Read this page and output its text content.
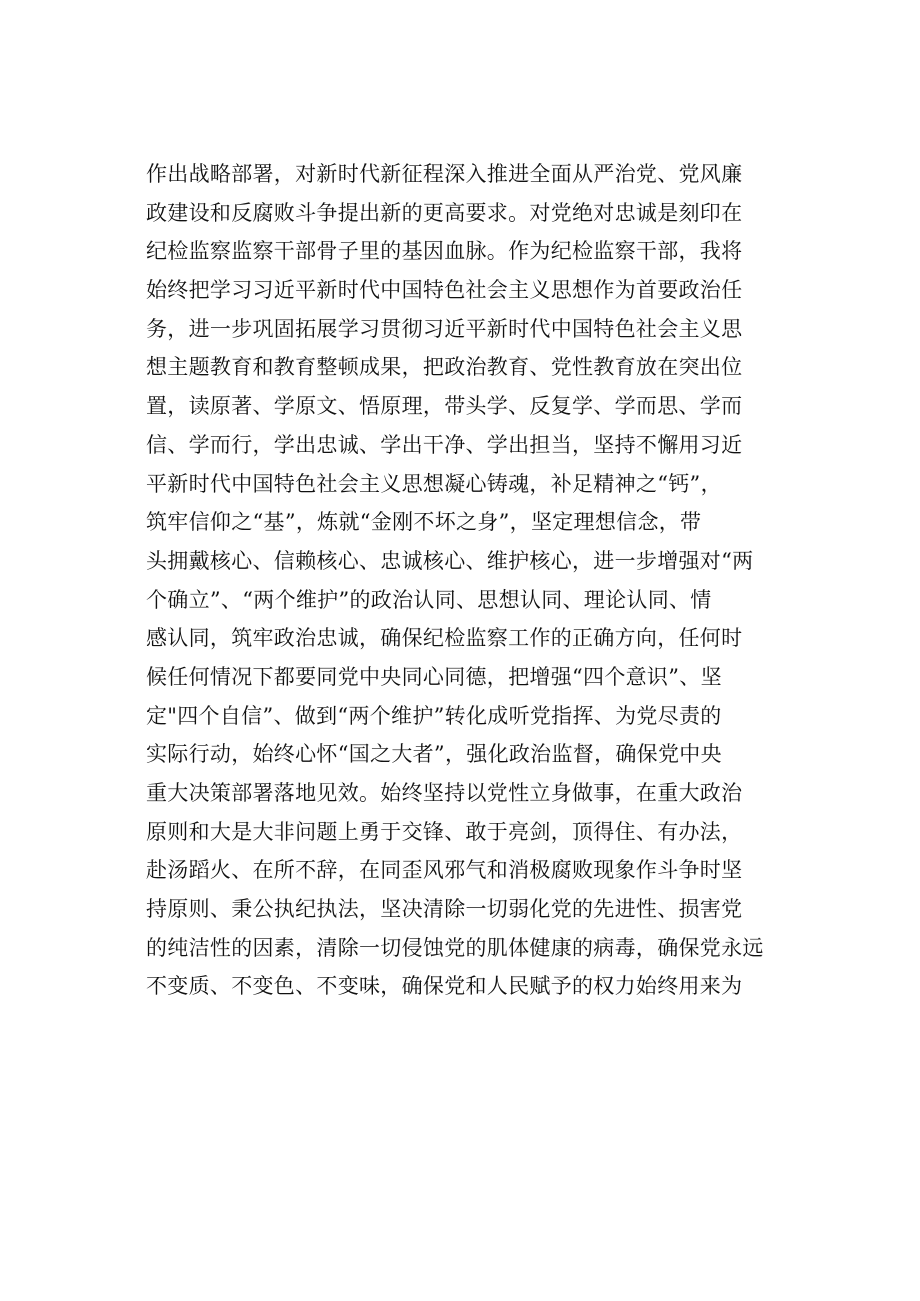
作出战略部署，对新时代新征程深入推进全面从严治党、党风廉
政建设和反腐败斗争提出新的更高要求。对党绝对忠诚是刻印在
纪检监察监察干部骨子里的基因血脉。作为纪检监察干部，我将
始终把学习习近平新时代中国特色社会主义思想作为首要政治任
务，进一步巩固拓展学习贯彻习近平新时代中国特色社会主义思
想主题教育和教育整顿成果，把政治教育、党性教育放在突出位
置，读原著、学原文、悟原理，带头学、反复学、学而思、学而
信、学而行，学出忠诚、学出干净、学出担当，坚持不懈用习近
平新时代中国特色社会主义思想凝心铸魂，补足精神之“钙”，
筑牢信仰之“基”，炼就“金刚不坏之身”，坚定理想信念，带
头拥戴核心、信赖核心、忠诚核心、维护核心，进一步增强对“两
个确立”、“两个维护”的政治认同、思想认同、理论认同、情
感认同，筑牢政治忠诚，确保纪检监察工作的正确方向，任何时
候任何情况下都要同党中央同心同德，把增强“四个意识”、坚
定"四个自信”、做到“两个维护”转化成听党指挥、为党尽责的
实际行动，始终心怀“国之大者”，强化政治监督，确保党中央
重大决策部署落地见效。始终坚持以党性立身做事，在重大政治
原则和大是大非问题上勇于交锋、敢于亮剑，顶得住、有办法，
赴汤蹈火、在所不辞，在同歪风邪气和消极腐败现象作斗争时坚
持原则、秉公执纪执法，坚决清除一切弱化党的先进性、损害党
的纯洁性的因素，清除一切侵蚀党的肌体健康的病毒，确保党永远
不变质、不变色、不变味，确保党和人民赋予的权力始终用来为
